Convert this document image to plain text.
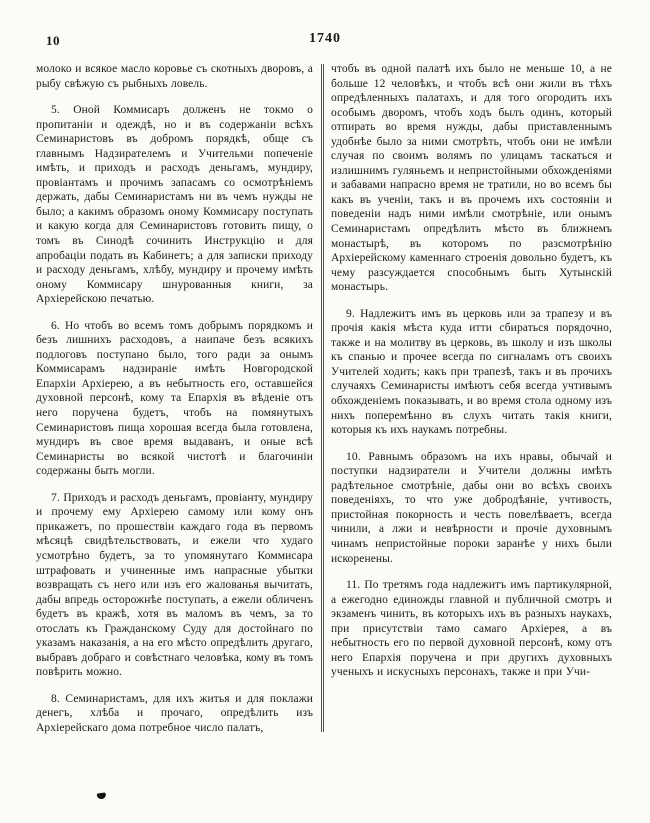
10	1740

молоко и всякое масло коровье съ скотныхъ дворовъ, а рыбу свѣжую съ рыбныхъ ловель.

5. Оной Коммисаръ долженъ не токмо о пропитаніи и одеждѣ, но и въ содержаніи всѣхъ Семинаристовъ въ добромъ порядкѣ, обще съ главнымъ Надзирателемъ и Учительми попеченіе имѣть, и приходъ и расходъ деньгамъ, мундиру, провіантамъ и прочимъ запасамъ со осмотрѣніемъ держать, дабы Семинаристамъ ни въ чемъ нужды не было; а какимъ образомъ оному Коммисару поступать и какую когда для Семинаристовъ готовить пищу, о томъ въ Синодѣ сочинить Инструкцію и для апробаціи подать въ Кабинетъ; а для записки приходу и расходу деньгамъ, хлѣбу, мундиру и прочему имѣть оному Коммисару шнурованныя книги, за Архіерейскою печатью.

6. Но чтобъ во всемъ томъ добрымъ порядкомъ и безъ лишнихъ расходовъ, а наипаче безъ всякихъ подлоговъ поступано было, того ради за онымъ Коммисарамъ надзираніе имѣть Новгородской Епархіи Архіерею, а въ небытность его, оставшейся духовной персонѣ, кому та Епархія въ вѣденіе отъ него поручена будетъ, чтобъ на помянутыхъ Семинаристовъ пища хорошая всегда была готовлена, мундиръ въ свое время выдаванъ, и оные всѣ Семинаристы во всякой чистотѣ и благочиніи содержаны быть могли.

7. Приходъ и расходъ деньгамъ, провіанту, мундиру и прочему ему Архіерею самому или кому онъ прикажетъ, по прошествіи каждаго года въ первомъ мѣсяцѣ свидѣтельствовать, и ежели что худаго усмотрѣно будетъ, за то упомянутаго Коммисара штрафовать и учиненные имъ напрасные убытки возвращать съ него или изъ его жалованья вычитать, дабы впредь осторожнѣе поступать, а ежели обличенъ будетъ въ кражѣ, хотя въ маломъ въ чемъ, за то отослать къ Гражданскому Суду для достойнаго по указамъ наказанія, а на его мѣсто опредѣлить другаго, выбравъ добраго и совѣстнаго человѣка, кому въ томъ повѣрить можно.

8. Семинаристамъ, для ихъ житья и для поклажи денегъ, хлѣба и прочаго, опредѣлить изъ Архіерейскаго дома потребное число палатъ,

чтобъ въ одной палатѣ ихъ было не меньше 10, а не больше 12 человѣкъ, и чтобъ всѣ они жили въ тѣхъ опредѣленныхъ палатахъ, и для того огородить ихъ особымъ дворомъ, чтобъ ходъ былъ одинъ, который отпирать во время нужды, дабы приставленнымъ удобнѣе было за ними смотрѣть, чтобъ они не имѣли случая по своимъ волямъ по улицамъ таскаться и излишнимъ гуляньемъ и непристойными обхожденіями и забавами напрасно время не тратили, но во всемъ бы какъ въ ученіи, такъ и въ прочемъ ихъ состояніи и поведеніи надъ ними имѣли смотрѣніе, или онымъ Семинаристамъ опредѣлить мѣсто въ ближнемъ монастырѣ, въ которомъ по разсмотрѣнію Архіерейскому каменнаго строенія довольно будетъ, къ чему разсуждается способнымъ быть Хутынскій монастырь.

9. Надлежитъ имъ въ церковь или за трапезу и въ прочія какія мѣста куда итти сбираться порядочно, также и на молитву въ церковь, въ школу и изъ школы къ спанью и прочее всегда по сигналамъ отъ своихъ Учителей ходить; какъ при трапезѣ, такъ и въ прочихъ случаяхъ Семинаристы имѣютъ себя всегда учтивымъ обхожденіемъ показывать, и во время стола одному изъ нихъ поперемѣнно въ слухъ читать такія книги, которыя къ ихъ наукамъ потребны.

10. Равнымъ образомъ на ихъ нравы, обычай и поступки надзиратели и Учители должны имѣть радѣтельное смотрѣніе, дабы они во всѣхъ своихъ поведеніяхъ, то что уже добродѣяніе, учтивость, пристойная покорность и честь повелѣваетъ, всегда чинили, а лжи и невѣрности и прочіе духовнымъ чинамъ непристойные пороки заранѣе у нихъ были искоренены.

11. По третямъ года надлежитъ имъ партикулярной, а ежегодно единожды главной и публичной смотръ и экзаменъ чинить, въ которыхъ ихъ въ разныхъ наукахъ, при присутствіи тамо самаго Архіерея, а въ небытность его по первой духовной персонѣ, кому отъ него Епархія поручена и при другихъ духовныхъ ученыхъ и искусныхъ персонахъ, также и при Учи-
